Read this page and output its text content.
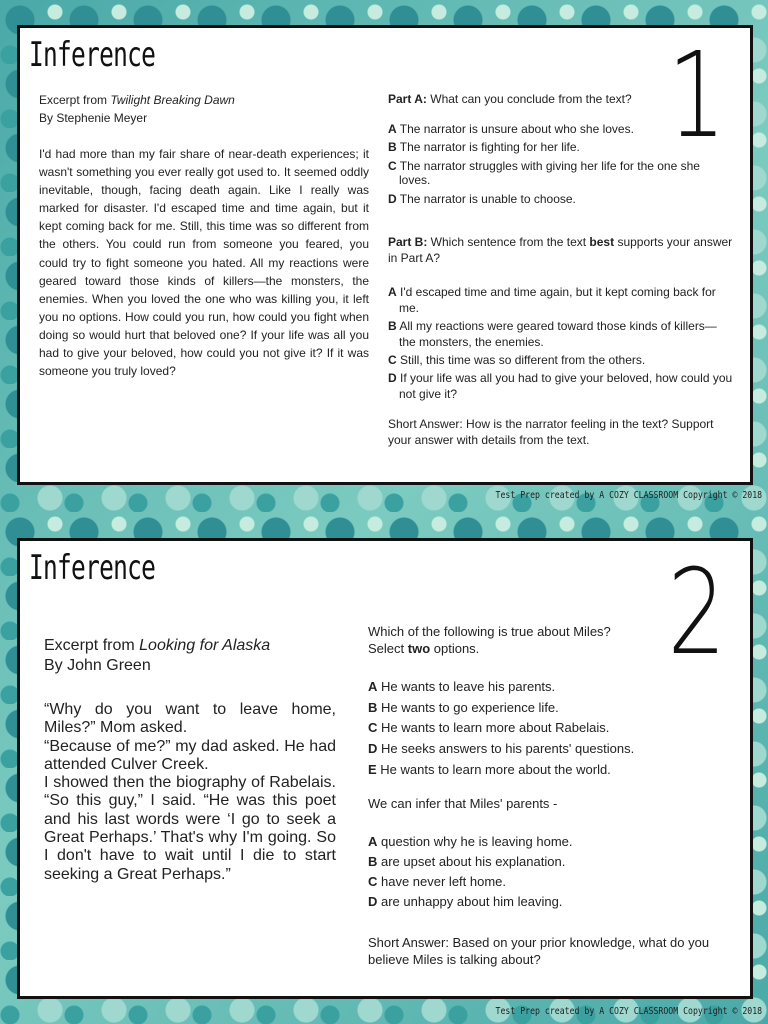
Inference	1

Excerpt from Twilight Breaking Dawn

By Stephenie Meyer

I'd had more than my fair share of near-death experiences; it wasn't something you ever really got used to. It seemed oddly inevitable, though, facing death again. Like I really was marked for disaster. I'd escaped time and time again, but it kept coming back for me. Still, this time was so different from the others. You could run from someone you feared, you could try to fight someone you hated. All my reactions were geared toward those kinds of killers—the monsters, the enemies. When you loved the one who was killing you, it left you no options. How could you run, how could you fight when doing so would hurt that beloved one? If your life was all you had to give your beloved, how could you not give it? If it was someone you truly loved?

Part A: What can you conclude from the text?

A The narrator is unsure about who she loves.
B The narrator is fighting for her life.
C The narrator struggles with giving her life for the one she loves.
D The narrator is unable to choose.

Part B: Which sentence from the text best supports your answer in Part A?

A I'd escaped time and time again, but it kept coming back for me.
B All my reactions were geared toward those kinds of killers—the monsters, the enemies.
C Still, this time was so different from the others.
D If your life was all you had to give your beloved, how could you not give it?

Short Answer: How is the narrator feeling in the text? Support your answer with details from the text.

Test Prep created by A COZY CLASSROOM Copyright © 2018
Inference	2

Excerpt from Looking for Alaska

By John Green

“Why do you want to leave home, Miles?” Mom asked.

“Because of me?” my dad asked. He had attended Culver Creek.

I showed then the biography of Rabelais. “So this guy,” I said. “He was this poet and his last words were ‘I go to seek a Great Perhaps.’ That's why I'm going. So I don't have to wait until I die to start seeking a Great Perhaps.”

Which of the following is true about Miles? Select two options.

A He wants to leave his parents.
B He wants to go experience life.
C He wants to learn more about Rabelais.
D He seeks answers to his parents' questions.
E He wants to learn more about the world.

We can infer that Miles' parents -

A question why he is leaving home.
B are upset about his explanation.
C have never left home.
D are unhappy about him leaving.

Short Answer: Based on your prior knowledge, what do you believe Miles is talking about?

Test Prep created by A COZY CLASSROOM Copyright © 2018
